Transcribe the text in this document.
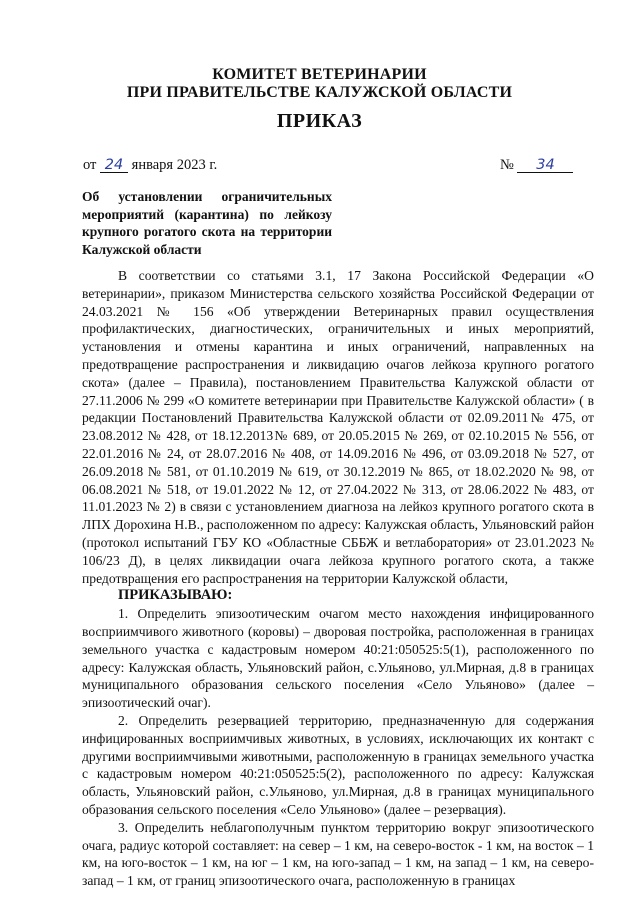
КОМИТЕТ ВЕТЕРИНАРИИ
ПРИ ПРАВИТЕЛЬСТВЕ КАЛУЖСКОЙ ОБЛАСТИ
ПРИКАЗ
от 24 января 2023 г.	№ 34
Об установлении ограничительных мероприятий (карантина) по лейкозу крупного рогатого скота на территории Калужской области

В соответствии со статьями 3.1, 17 Закона Российской Федерации «О ветеринарии», приказом Министерства сельского хозяйства Российской Федерации от 24.03.2021 № 156 «Об утверждении Ветеринарных правил осуществления профилактических, диагностических, ограничительных и иных мероприятий, установления и отмены карантина и иных ограничений, направленных на предотвращение распространения и ликвидацию очагов лейкоза крупного рогатого скота» (далее – Правила), постановлением Правительства Калужской области от 27.11.2006 № 299 «О комитете ветеринарии при Правительстве Калужской области» ( в редакции Постановлений Правительства Калужской области от 02.09.2011№ 475, от 23.08.2012 № 428, от 18.12.2013№ 689, от 20.05.2015 № 269, от 02.10.2015 № 556, от 22.01.2016 № 24, от 28.07.2016 № 408, от 14.09.2016 № 496, от 03.09.2018 № 527, от 26.09.2018 № 581, от 01.10.2019 № 619, от 30.12.2019 № 865, от 18.02.2020 № 98, от 06.08.2021 № 518, от 19.01.2022 № 12, от 27.04.2022 № 313, от 28.06.2022 № 483, от 11.01.2023 № 2) в связи с установлением диагноза на лейкоз крупного рогатого скота в ЛПХ Дорохина Н.В., расположенном по адресу: Калужская область, Ульяновский район (протокол испытаний ГБУ КО «Областные СББЖ и ветлаборатория» от 23.01.2023 № 106/23 Д), в целях ликвидации очага лейкоза крупного рогатого скота, а также предотвращения его распространения на территории Калужской области,

ПРИКАЗЫВАЮ:

1. Определить эпизоотическим очагом место нахождения инфицированного восприимчивого животного (коровы) – дворовая постройка, расположенная в границах земельного участка с кадастровым номером 40:21:050525:5(1), расположенного по адресу: Калужская область, Ульяновский район, с.Ульяново, ул.Мирная, д.8 в границах муниципального образования сельского поселения «Село Ульяново» (далее – эпизоотический очаг).

2. Определить резервацией территорию, предназначенную для содержания инфицированных восприимчивых животных, в условиях, исключающих их контакт с другими восприимчивыми животными, расположенную в границах земельного участка с кадастровым номером 40:21:050525:5(2), расположенного по адресу: Калужская область, Ульяновский район, с.Ульяново, ул.Мирная, д.8 в границах муниципального образования сельского поселения «Село Ульяново» (далее – резервация).

3. Определить неблагополучным пунктом территорию вокруг эпизоотического очага, радиус которой составляет: на север – 1 км, на северо-восток - 1 км, на восток – 1 км, на юго-восток – 1 км, на юг – 1 км, на юго-запад – 1 км, на запад – 1 км, на северо-запад – 1 км, от границ эпизоотического очага, расположенную в границах
